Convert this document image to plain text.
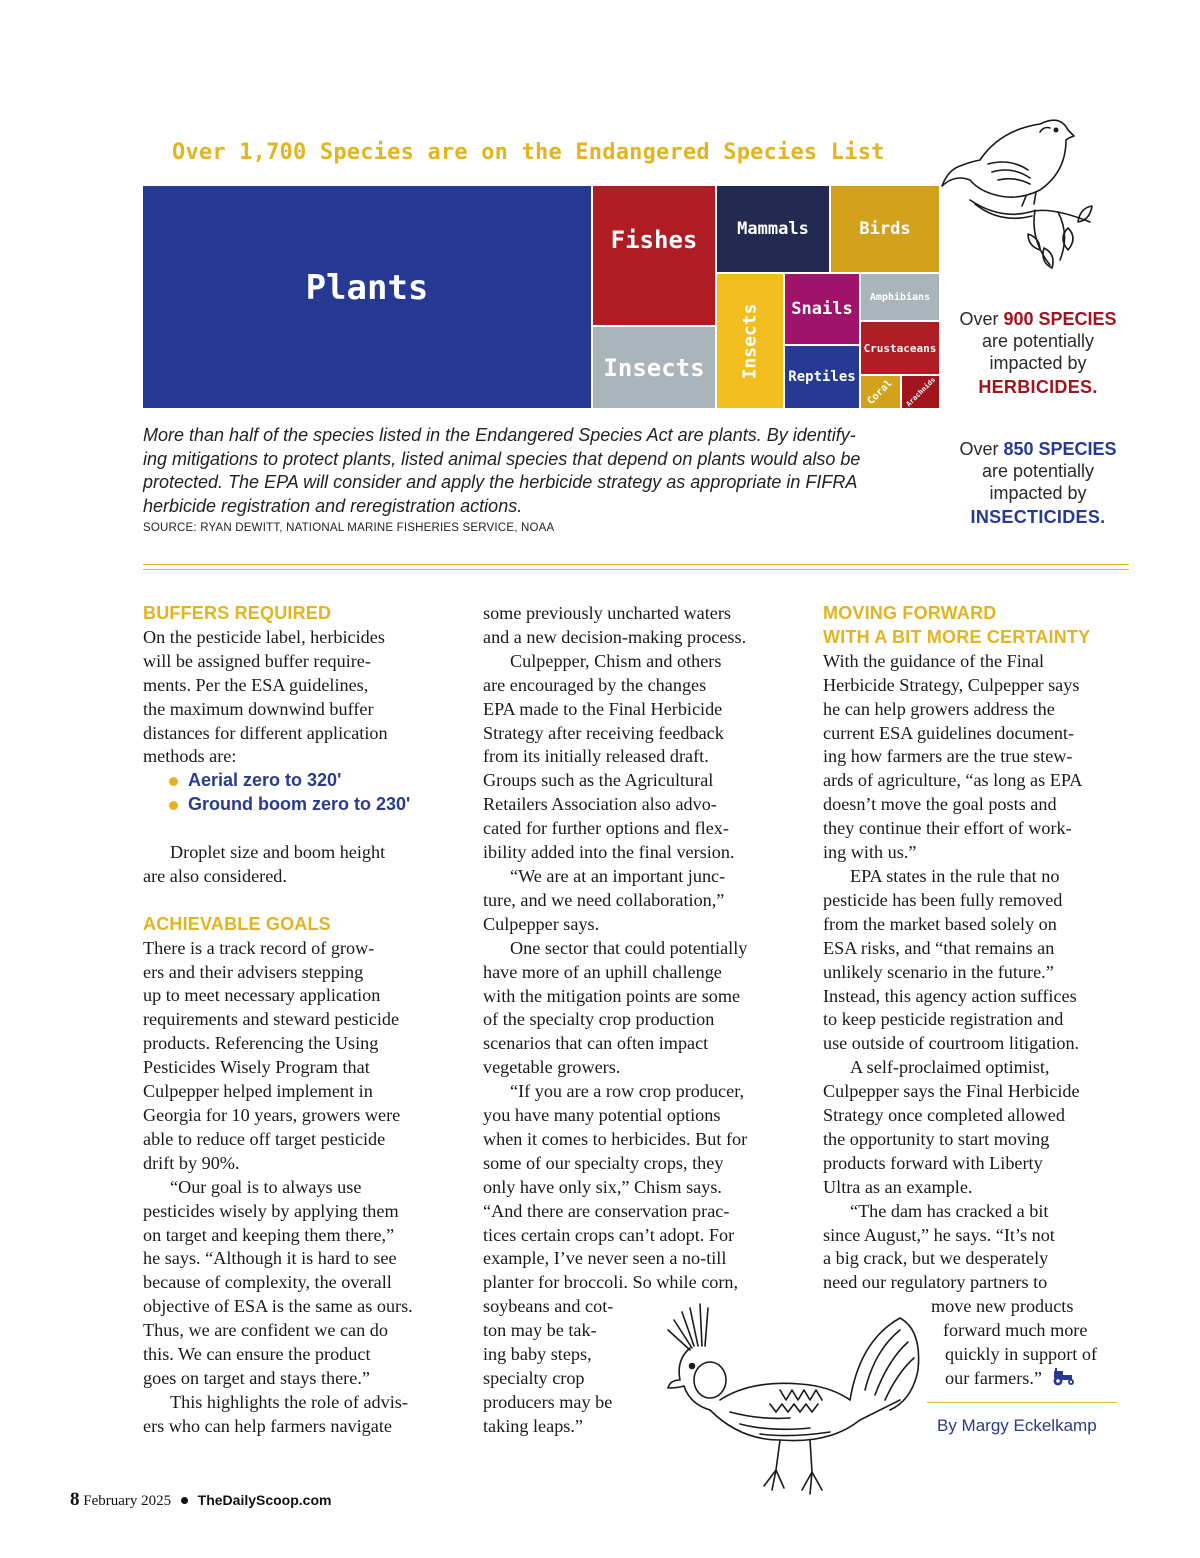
Over 1,700 Species are on the Endangered Species List
Plants
Fishes
Insects
Mammals	Birds
Insects Snails
Amphibians
Crustaceans
Reptiles
Coral Arachnids
Over 900 SPECIES
are potentially
impacted by
HERBICIDES.
Over 850 SPECIES
are potentially
impacted by
INSECTICIDES.
More than half of the species listed in the Endangered Species Act are plants. By identify-
ing mitigations to protect plants, listed animal species that depend on plants would also be
protected. The EPA will consider and apply the herbicide strategy as appropriate in FIFRA
herbicide registration and reregistration actions.
SOURCE: RYAN DEWITT, NATIONAL MARINE FISHERIES SERVICE, NOAA
BUFFERS REQUIRED

On the pesticide label, herbicides
will be assigned buffer require-
ments. Per the ESA guidelines,
the maximum downwind buffer
distances for different application
methods are:

Aerial zero to 320'
Ground boom zero to 230'

Droplet size and boom height
are also considered.

ACHIEVABLE GOALS

There is a track record of grow-
ers and their advisers stepping
up to meet necessary application
requirements and steward pesticide
products. Referencing the Using
Pesticides Wisely Program that
Culpepper helped implement in
Georgia for 10 years, growers were
able to reduce off target pesticide
drift by 90%.

“Our goal is to always use
pesticides wisely by applying them
on target and keeping them there,”
he says. “Although it is hard to see
because of complexity, the overall
objective of ESA is the same as ours.
Thus, we are confident we can do
this. We can ensure the product
goes on target and stays there.”

This highlights the role of advis-
ers who can help farmers navigate

some previously uncharted waters
and a new decision-making process.

Culpepper, Chism and others
are encouraged by the changes
EPA made to the Final Herbicide
Strategy after receiving feedback
from its initially released draft.
Groups such as the Agricultural
Retailers Association also advo-
cated for further options and flex-
ibility added into the final version.

“We are at an important junc-
ture, and we need collaboration,”
Culpepper says.

One sector that could potentially
have more of an uphill challenge
with the mitigation points are some
of the specialty crop production
scenarios that can often impact
vegetable growers.

“If you are a row crop producer,
you have many potential options
when it comes to herbicides. But for
some of our specialty crops, they
only have only six,” Chism says.
“And there are conservation prac-
tices certain crops can’t adopt. For
example, I’ve never seen a no-till
planter for broccoli. So while corn,
soybeans and cot-
ton may be tak-
ing baby steps,
specialty crop
producers may be
taking leaps.”

MOVING FORWARD
WITH A BIT MORE CERTAINTY

With the guidance of the Final
Herbicide Strategy, Culpepper says
he can help growers address the
current ESA guidelines document-
ing how farmers are the true stew-
ards of agriculture, “as long as EPA
doesn’t move the goal posts and
they continue their effort of work-
ing with us.”

EPA states in the rule that no
pesticide has been fully removed
from the market based solely on
ESA risks, and “that remains an
unlikely scenario in the future.”
Instead, this agency action suffices
to keep pesticide registration and
use outside of courtroom litigation.

A self-proclaimed optimist,
Culpepper says the Final Herbicide
Strategy once completed allowed
the opportunity to start moving
products forward with Liberty
Ultra as an example.

“The dam has cracked a bit
since August,” he says. “It’s not
a big crack, but we desperately
need our regulatory partners to

move new products
forward much more
quickly in support of
our farmers.”

By Margy Eckelkamp
8 February 2025 TheDailyScoop.com
